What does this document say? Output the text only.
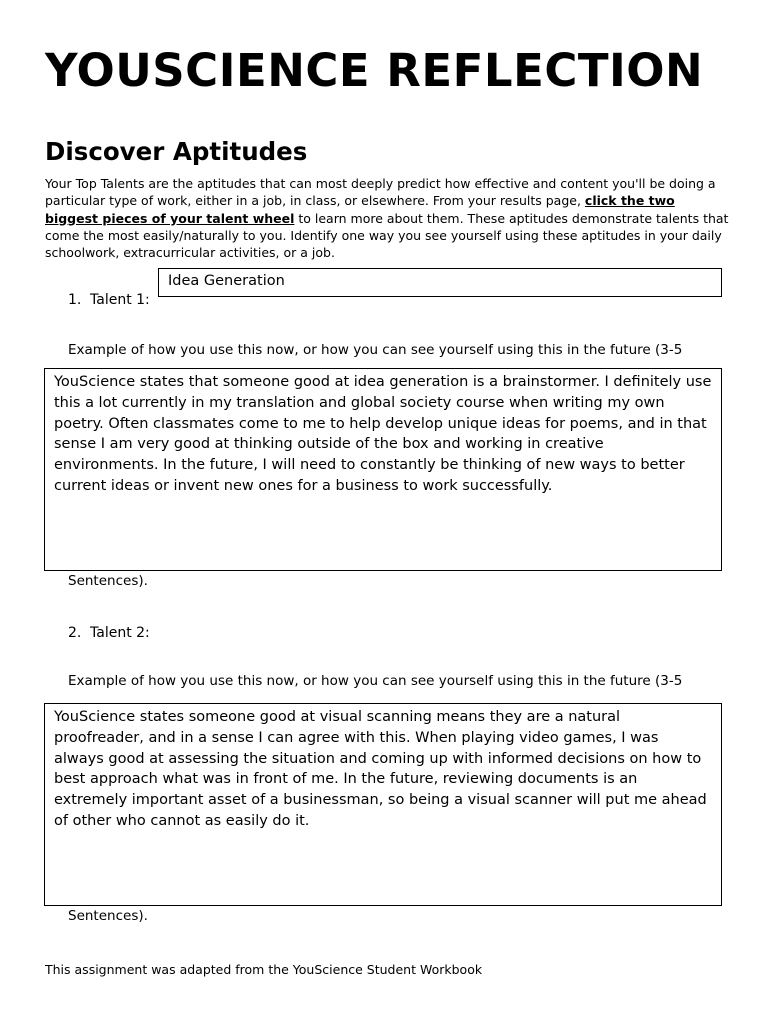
YOUSCIENCE REFLECTION
Discover Aptitudes

Your Top Talents are the aptitudes that can most deeply predict how effective and content you'll be doing a particular type of work, either in a job, in class, or elsewhere. From your results page, click the two biggest pieces of your talent wheel to learn more about them. These aptitudes demonstrate talents that come the most easily/naturally to you. Identify one way you see yourself using these aptitudes in your daily schoolwork, extracurricular activities, or a job.

1. Talent 1:
Idea Generation
Example of how you use this now, or how you can see yourself using this in the future (3-5
YouScience states that someone good at idea generation is a brainstormer. I definitely use this a lot currently in my translation and global society course when writing my own poetry. Often classmates come to me to help develop unique ideas for poems, and in that sense I am very good at thinking outside of the box and working in creative environments. In the future, I will need to constantly be thinking of new ways to better current ideas or invent new ones for a business to work successfully.
Sentences).
2. Talent 2:
Example of how you use this now, or how you can see yourself using this in the future (3-5
YouScience states someone good at visual scanning means they are a natural proofreader, and in a sense I can agree with this. When playing video games, I was always good at assessing the situation and coming up with informed decisions on how to best approach what was in front of me. In the future, reviewing documents is an extremely important asset of a businessman, so being a visual scanner will put me ahead of other who cannot as easily do it.
Sentences).
This assignment was adapted from the YouScience Student Workbook
